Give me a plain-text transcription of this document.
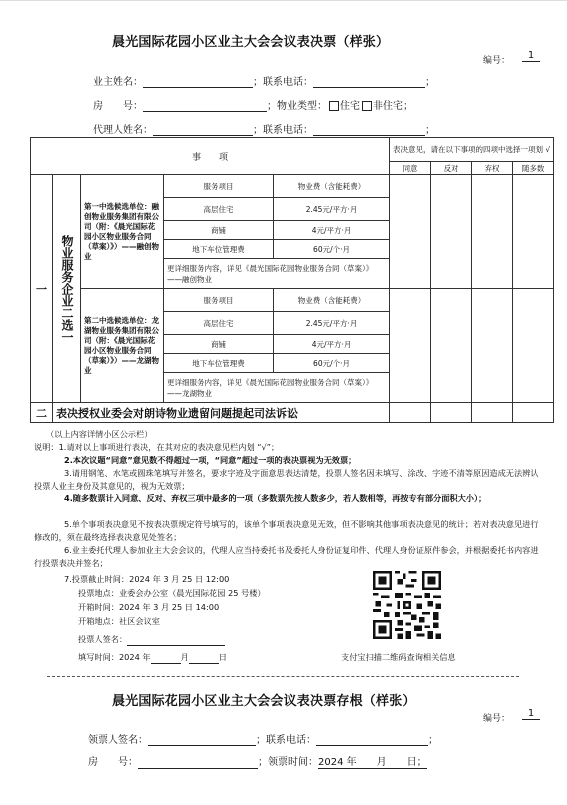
晨光国际花园小区业主大会会议表决票（样张）
编号：	1
业主姓名：	；联系电话：	；
房　　号：	；物业类型： 住宅 非住宅；
代理人姓名：	；联系电话：	；
事　　项					表决意见，请在以下事项的四项中选择一项划 √			
					同意	反对	弃权	随多数
一	物业服务企业二选一	第一中选候选单位：融创物业服务集团有限公司（附：《晨光国际花园小区物业服务合同（草案）》）——融创物业	服务项目	物业费（含能耗费）				
			高层住宅	2.45元/平方·月				
			商铺	4元/平方·月				
			地下车位管理费	60元/个·月				
			更详细服务内容，详见《晨光国际花园物业服务合同（草案）》——融创物业					

		第二中选候选单位：龙湖物业服务集团有限公司（附：《晨光国际花园小区物业服务合同（草案）》）——龙湖物业	服务项目	物业费（含能耗费）				
			高层住宅	2.45元/平方·月				
			商铺	4元/平方·月				
			地下车位管理费	60元/个·月				
			更详细服务内容，详见《晨光国际花园物业服务合同（草案）》——龙湖物业					

二	表决授权业委会对朗诗物业遗留问题提起司法诉讼							
（以上内容详情小区公示栏）
说明：1.请对以上事项进行表决，在其对应的表决意见栏内划 “√”；
2.本次议题“同意”意见数不得超过一项，“同意”超过一项的表决票视为无效票；
3.请用钢笔、水笔或圆珠笔填写并签名，要求字迹及字面意思表达清楚，投票人签名因未填写、涂改、字迹不清等原因造成无法辨认投票人业主身份及其意见的，视为无效票；
4.随多数票计入同意、反对、弃权三项中最多的一项（多数票先按人数多少，若人数相等，再按专有部分面积大小）；
5.单个事项表决意见不按表决票规定符号填写的，该单个事项表决意见无效，但不影响其他事项表决意见的统计；若对表决意见进行修改的，须在最终选择表决意见处签名；
6.业主委托代理人参加业主大会会议的，代理人应当持委托书及委托人身份证复印件、代理人身份证原件参会，并根据委托书内容进行投票表决并签名；
7.投票截止时间：2024 年 3 月 25 日 12:00
投票地点：业委会办公室（晨光国际花园 25 号楼）
开箱时间：2024 年 3 月 25 日 14:00
开箱地点：社区会议室
投票人签名：
填写时间：2024 年	月	日	支付宝扫描二维码查询相关信息
晨光国际花园小区业主大会会议表决票存根（样张）
编号：	1
领票人签名：	；联系电话：	；
房　　号：	；领票时间：2024 年　　月　　日；
